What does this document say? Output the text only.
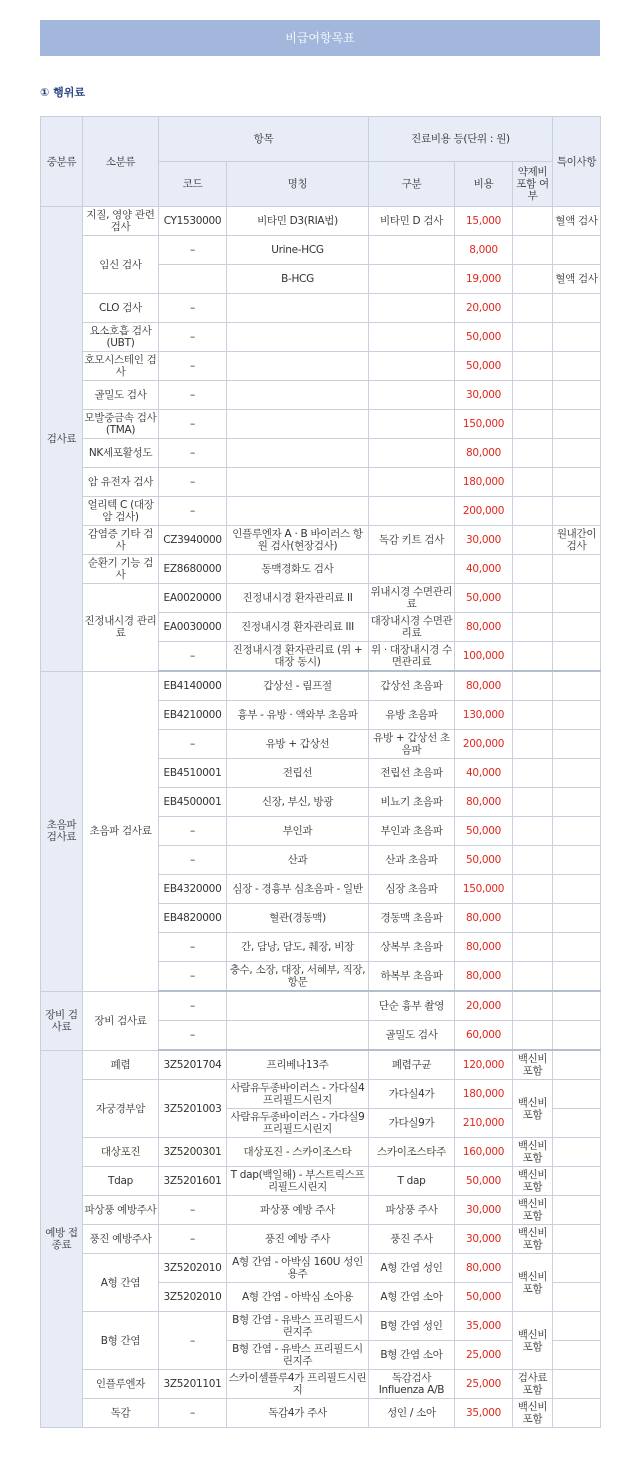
비급여항목표
① 행위료
중분류	소분류	항목		진료비용 등(단위 : 원)			특이사항
		코드	명칭	구분	비용	약제비 포함 여부	
검사료	지질, 영양 관련 검사	CY1530000	비타민 D3(RIA법)	비타민 D 검사	15,000		혈액 검사
	임신 검사	–	Urine-HCG		8,000		
			B-HCG		19,000		혈액 검사
	CLO 검사	–			20,000		
	요소호흡 검사(UBT)	–			50,000		
	호모시스테인 검사	–			50,000		
	골밀도 검사	–			30,000		
	모발중금속 검사(TMA)	–			150,000		
	NK세포활성도	–			80,000		
	암 유전자 검사	–			180,000		
	얼리텍 C (대장암 검사)	–			200,000		
	감염증 기타 검사	CZ3940000	인플루엔자 A · B 바이러스 항원 검사(현장검사)	독감 키트 검사	30,000		원내간이 검사
	순환기 기능 검사	EZ8680000	동맥경화도 검사		40,000		
	진정내시경 관리료	EA0020000	진정내시경 환자관리료 II	위내시경 수면관리료	50,000		
		EA0030000	진정내시경 환자관리료 III	대장내시경 수면관리료	80,000		
		–	진정내시경 환자관리료 (위 + 대장 동시)	위 · 대장내시경 수면관리료	100,000		
초음파 검사료	초음파 검사료	EB4140000	갑상선 - 림프절	갑상선 초음파	80,000		
		EB4210000	흉부 - 유방 · 액와부 초음파	유방 초음파	130,000		
		–	유방 + 갑상선	유방 + 갑상선 초음파	200,000		
		EB4510001	전립선	전립선 초음파	40,000		
		EB4500001	신장, 부신, 방광	비뇨기 초음파	80,000		
		–	부인과	부인과 초음파	50,000		
		–	산과	산과 초음파	50,000		
		EB4320000	심장 - 경흉부 심초음파 - 일반	심장 초음파	150,000		
		EB4820000	혈관(경동맥)	경동맥 초음파	80,000		
		–	간, 담낭, 담도, 췌장, 비장	상복부 초음파	80,000		
		–	충수, 소장, 대장, 서혜부, 직장, 항문	하복부 초음파	80,000		
장비 검사료	장비 검사료	–		단순 흉부 촬영	20,000		
		–		골밀도 검사	60,000		
예방 접종료	폐렴	3Z5201704	프리베나13주	폐렴구균	120,000	백신비 포함	
	자궁경부암	3Z5201003	사람유두종바이러스 - 가다실4프리필드시린지	가다실4가	180,000	백신비 포함	
			사람유두종바이러스 - 가다실9프리필드시린지	가다실9가	210,000		
	대상포진	3Z5200301	대상포진 - 스카이조스타	스카이조스타주	160,000	백신비 포함	
	Tdap	3Z5201601	T dap(백일해) - 부스트릭스프리필드시린지	T dap	50,000	백신비 포함	
	파상풍 예방주사	–	파상풍 예방 주사	파상풍 주사	30,000	백신비 포함	
	풍진 예방주사	–	풍진 예방 주사	풍진 주사	30,000	백신비 포함	
	A형 간염	3Z5202010	A형 간염 - 아박심 160U 성인용주	A형 간염 성인	80,000	백신비 포함	
		3Z5202010	A형 간염 - 아박심 소아용	A형 간염 소아	50,000		
	B형 간염	–	B형 간염 - 유박스 프리필드시린지주	B형 간염 성인	35,000	백신비 포함	
			B형 간염 - 유박스 프리필드시린지주	B형 간염 소아	25,000		
	인플루엔자	3Z5201101	스카이셀플루4가 프리필드시린지	독감검사 Influenza A/B	25,000	검사료 포함	
	독감	–	독감4가 주사	성인 / 소아	35,000	백신비 포함	
